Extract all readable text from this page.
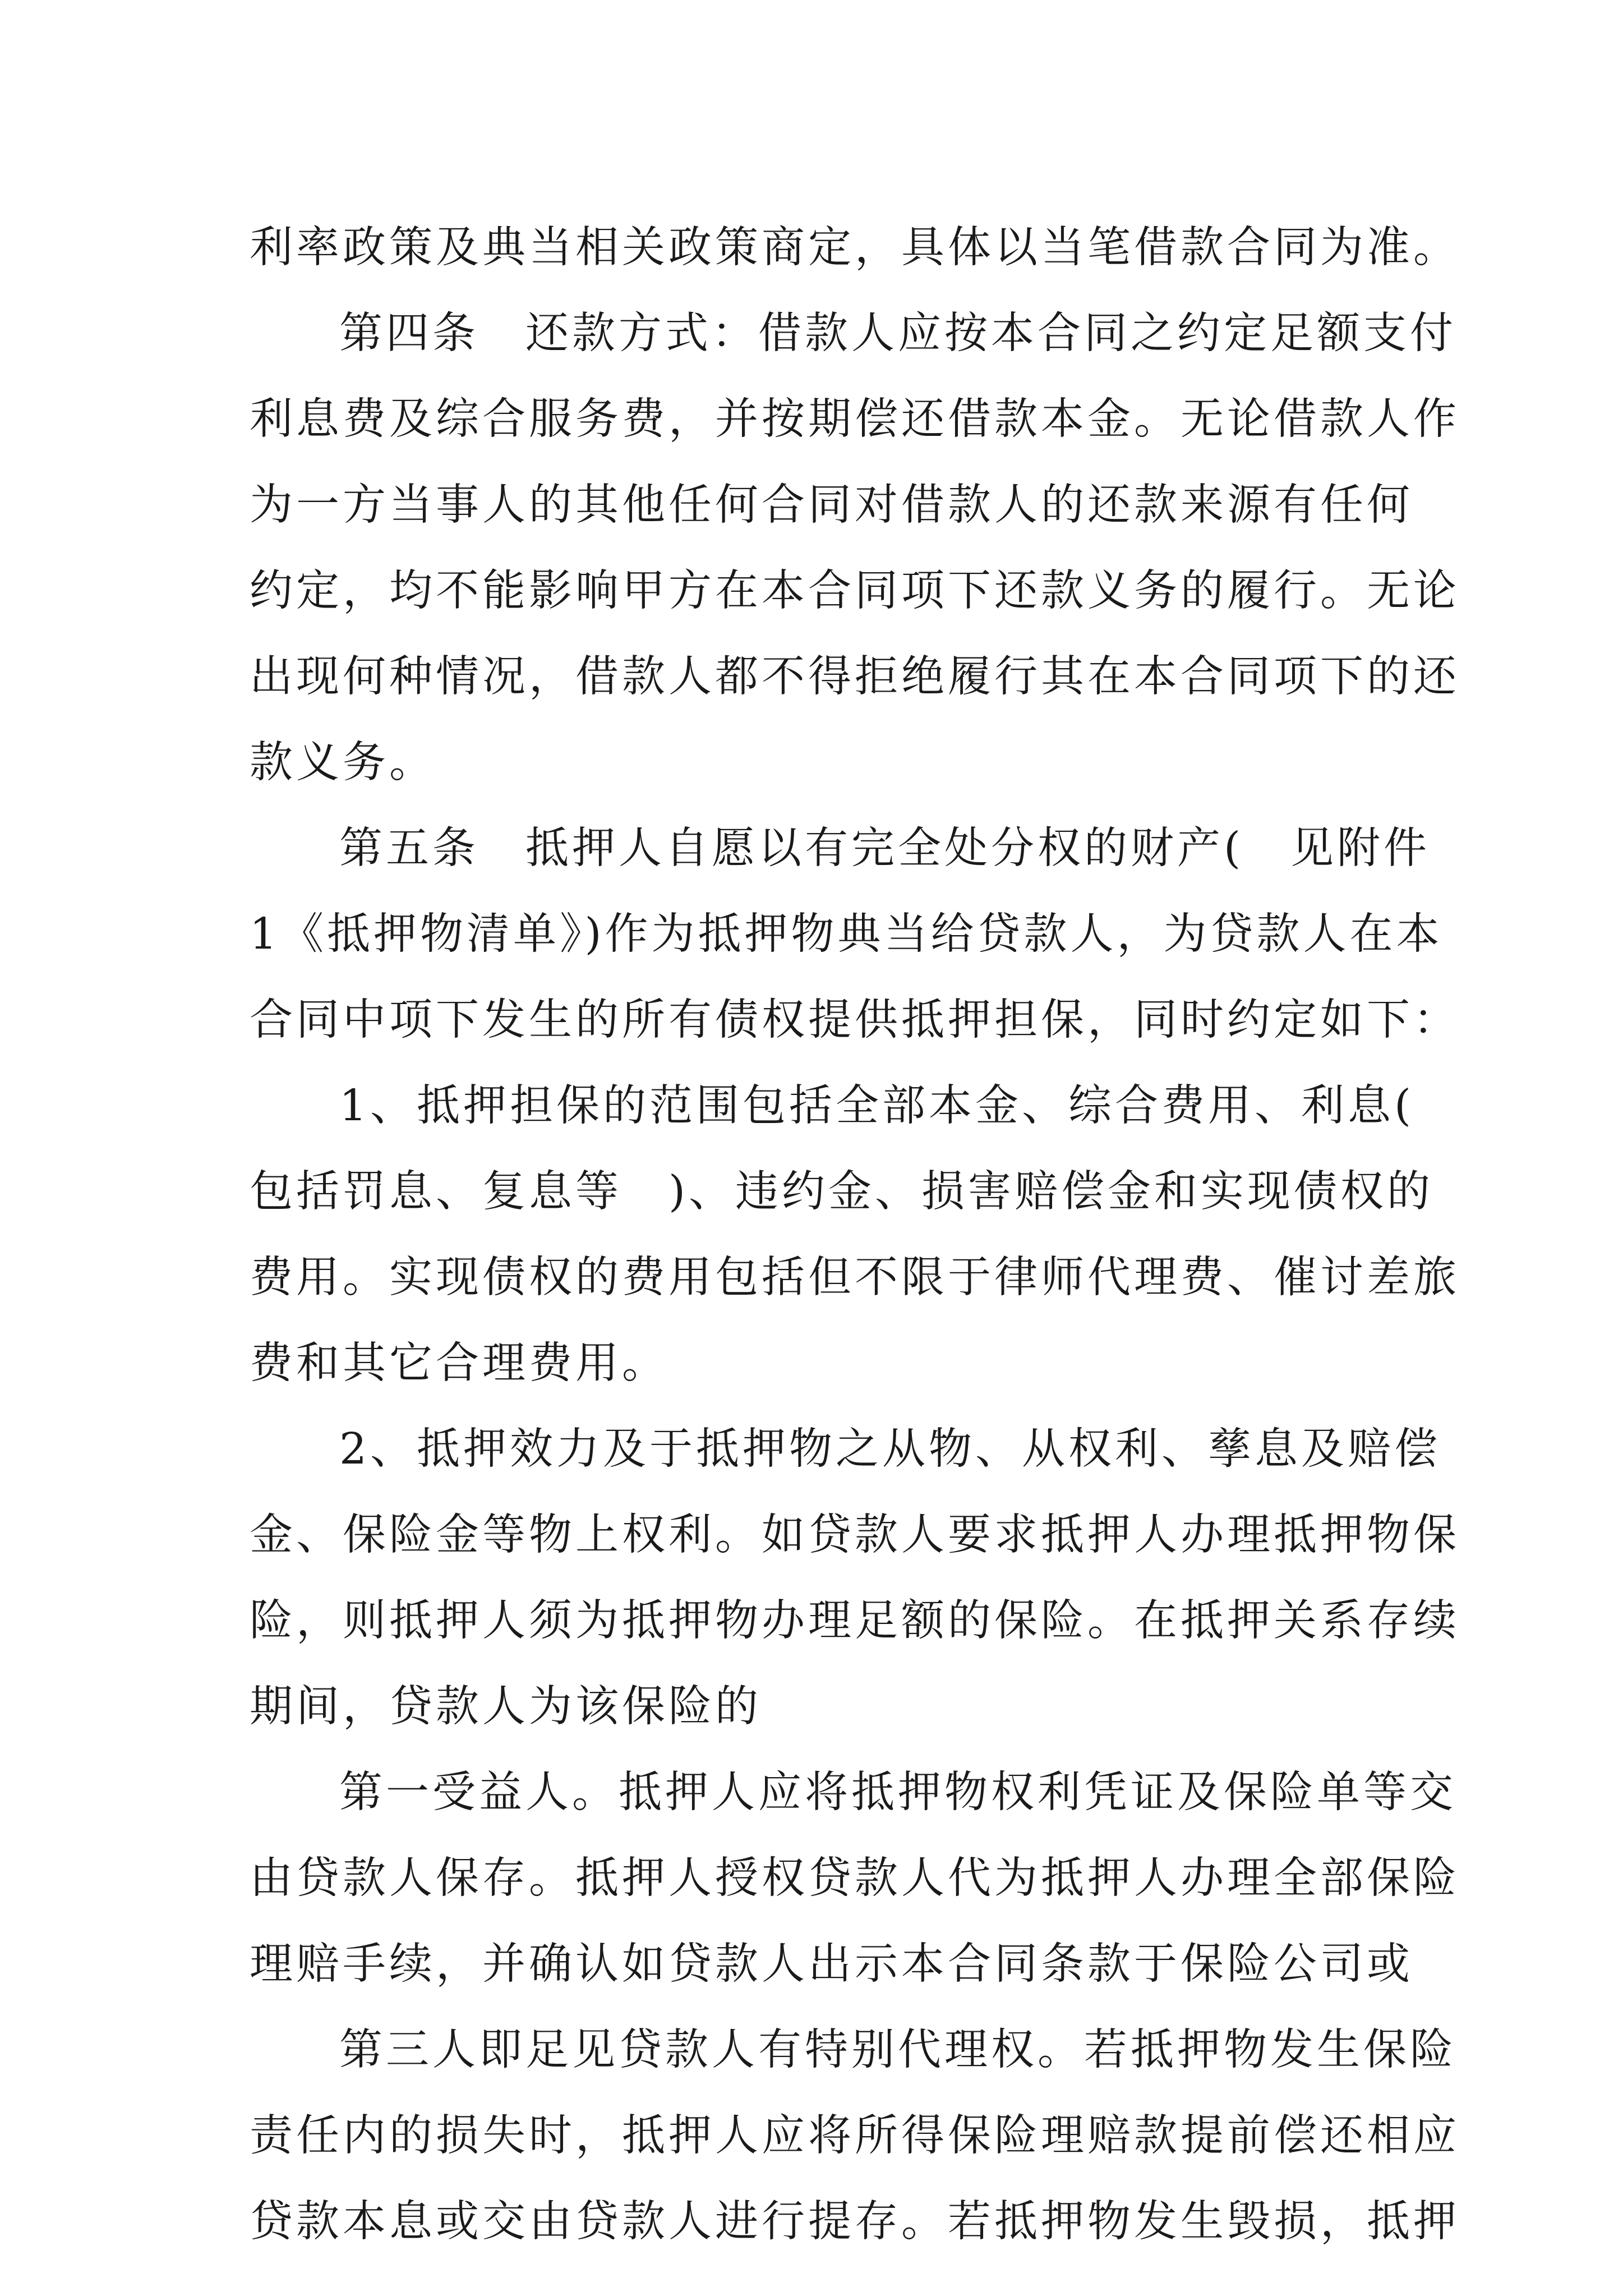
利率政策及典当相关政策商定，具体以当笔借款合同为准。
第四条　还款方式：借款人应按本合同之约定足额支付
利息费及综合服务费，并按期偿还借款本金。无论借款人作
为一方当事人的其他任何合同对借款人的还款来源有任何
约定，均不能影响甲方在本合同项下还款义务的履行。无论
出现何种情况，借款人都不得拒绝履行其在本合同项下的还
款义务。
第五条　抵押人自愿以有完全处分权的财产(　见附件
1《抵押物清单》)作为抵押物典当给贷款人，为贷款人在本
合同中项下发生的所有债权提供抵押担保，同时约定如下：
1、抵押担保的范围包括全部本金、综合费用、利息(
包括罚息、复息等　)、违约金、损害赔偿金和实现债权的
费用。实现债权的费用包括但不限于律师代理费、催讨差旅
费和其它合理费用。
2、抵押效力及于抵押物之从物、从权利、孳息及赔偿
金、保险金等物上权利。如贷款人要求抵押人办理抵押物保
险，则抵押人须为抵押物办理足额的保险。在抵押关系存续
期间，贷款人为该保险的
第一受益人。抵押人应将抵押物权利凭证及保险单等交
由贷款人保存。抵押人授权贷款人代为抵押人办理全部保险
理赔手续，并确认如贷款人出示本合同条款于保险公司或
第三人即足见贷款人有特别代理权。若抵押物发生保险
责任内的损失时，抵押人应将所得保险理赔款提前偿还相应
贷款本息或交由贷款人进行提存。若抵押物发生毁损，抵押
